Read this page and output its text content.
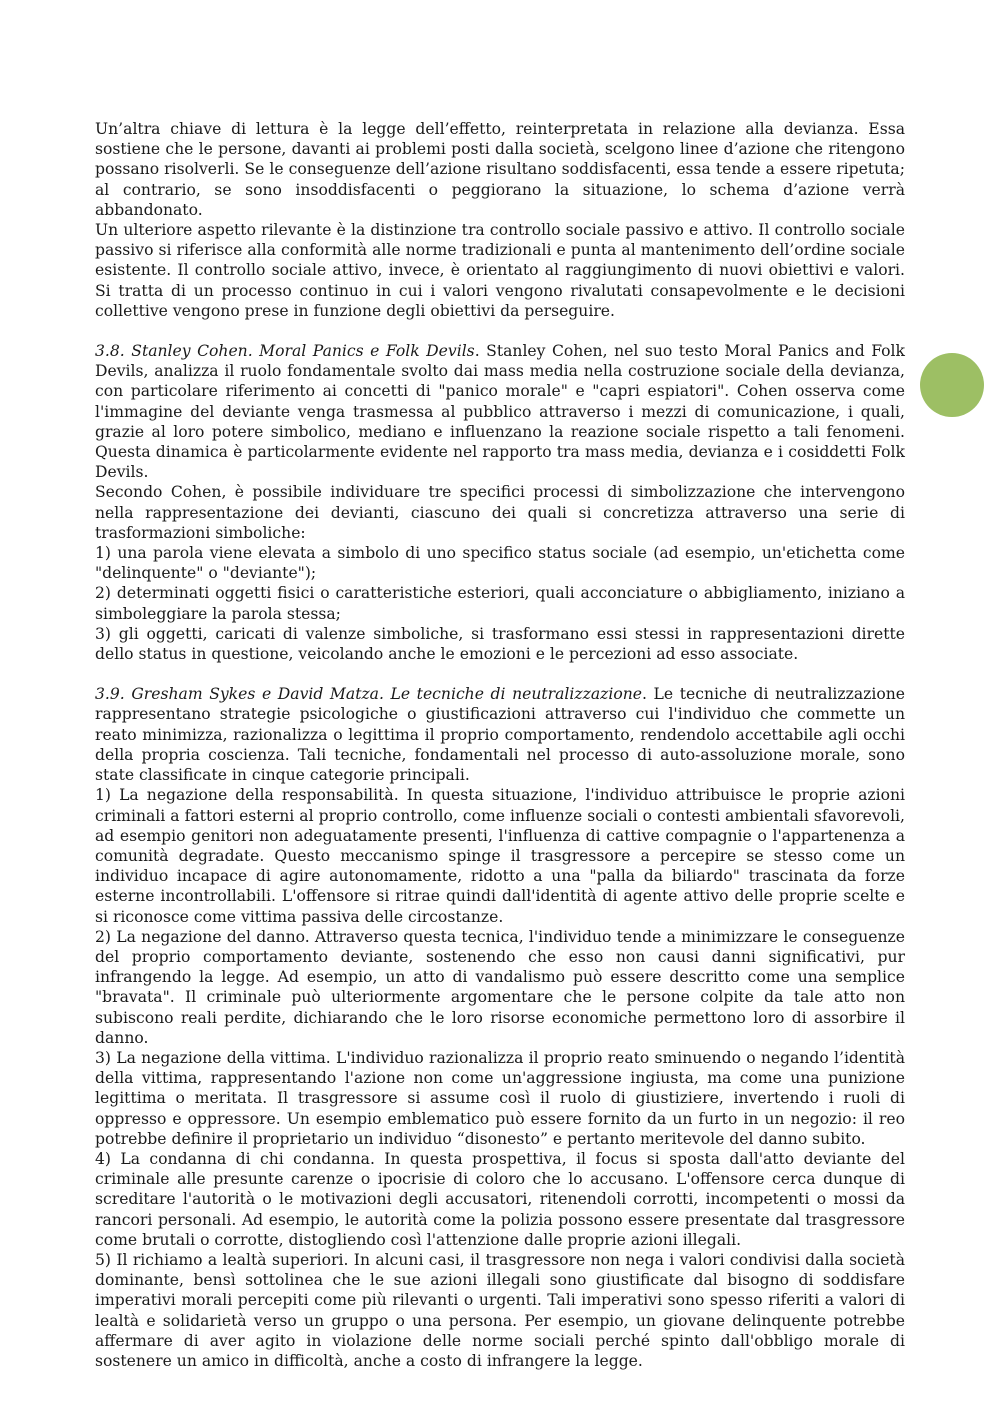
Un’altra chiave di lettura è la legge dell’effetto, reinterpretata in relazione alla devianza. Essa sostiene che le persone, davanti ai problemi posti dalla società, scelgono linee d’azione che ritengono possano risolverli. Se le conseguenze dell’azione risultano soddisfacenti, essa tende a essere ripetuta; al contrario, se sono insoddisfacenti o peggiorano la situazione, lo schema d’azione verrà abbandonato.

Un ulteriore aspetto rilevante è la distinzione tra controllo sociale passivo e attivo. Il controllo sociale passivo si riferisce alla conformità alle norme tradizionali e punta al mantenimento dell’ordine sociale esistente. Il controllo sociale attivo, invece, è orientato al raggiungimento di nuovi obiettivi e valori. Si tratta di un processo continuo in cui i valori vengono rivalutati consapevolmente e le decisioni collettive vengono prese in funzione degli obiettivi da perseguire.

3.8. Stanley Cohen. Moral Panics e Folk Devils. Stanley Cohen, nel suo testo Moral Panics and Folk Devils, analizza il ruolo fondamentale svolto dai mass media nella costruzione sociale della devianza, con particolare riferimento ai concetti di "panico morale" e "capri espiatori". Cohen osserva come l'immagine del deviante venga trasmessa al pubblico attraverso i mezzi di comunicazione, i quali, grazie al loro potere simbolico, mediano e influenzano la reazione sociale rispetto a tali fenomeni. Questa dinamica è particolarmente evidente nel rapporto tra mass media, devianza e i cosiddetti Folk Devils.

Secondo Cohen, è possibile individuare tre specifici processi di simbolizzazione che intervengono nella rappresentazione dei devianti, ciascuno dei quali si concretizza attraverso una serie di trasformazioni simboliche:

1) una parola viene elevata a simbolo di uno specifico status sociale (ad esempio, un'etichetta come "delinquente" o "deviante");

2) determinati oggetti fisici o caratteristiche esteriori, quali acconciature o abbigliamento, iniziano a simboleggiare la parola stessa;

3) gli oggetti, caricati di valenze simboliche, si trasformano essi stessi in rappresentazioni dirette dello status in questione, veicolando anche le emozioni e le percezioni ad esso associate.

3.9. Gresham Sykes e David Matza. Le tecniche di neutralizzazione. Le tecniche di neutralizzazione rappresentano strategie psicologiche o giustificazioni attraverso cui l'individuo che commette un reato minimizza, razionalizza o legittima il proprio comportamento, rendendolo accettabile agli occhi della propria coscienza. Tali tecniche, fondamentali nel processo di auto-assoluzione morale, sono state classificate in cinque categorie principali.

1) La negazione della responsabilità. In questa situazione, l'individuo attribuisce le proprie azioni criminali a fattori esterni al proprio controllo, come influenze sociali o contesti ambientali sfavorevoli, ad esempio genitori non adeguatamente presenti, l'influenza di cattive compagnie o l'appartenenza a comunità degradate. Questo meccanismo spinge il trasgressore a percepire se stesso come un individuo incapace di agire autonomamente, ridotto a una "palla da biliardo" trascinata da forze esterne incontrollabili. L'offensore si ritrae quindi dall'identità di agente attivo delle proprie scelte e si riconosce come vittima passiva delle circostanze.

2) La negazione del danno. Attraverso questa tecnica, l'individuo tende a minimizzare le conseguenze del proprio comportamento deviante, sostenendo che esso non causi danni significativi, pur infrangendo la legge. Ad esempio, un atto di vandalismo può essere descritto come una semplice "bravata". Il criminale può ulteriormente argomentare che le persone colpite da tale atto non subiscono reali perdite, dichiarando che le loro risorse economiche permettono loro di assorbire il danno.

3) La negazione della vittima. L'individuo razionalizza il proprio reato sminuendo o negando l’identità della vittima, rappresentando l'azione non come un'aggressione ingiusta, ma come una punizione legittima o meritata. Il trasgressore si assume così il ruolo di giustiziere, invertendo i ruoli di oppresso e oppressore. Un esempio emblematico può essere fornito da un furto in un negozio: il reo potrebbe definire il proprietario un individuo “disonesto” e pertanto meritevole del danno subito.

4) La condanna di chi condanna. In questa prospettiva, il focus si sposta dall'atto deviante del criminale alle presunte carenze o ipocrisie di coloro che lo accusano. L'offensore cerca dunque di screditare l'autorità o le motivazioni degli accusatori, ritenendoli corrotti, incompetenti o mossi da rancori personali. Ad esempio, le autorità come la polizia possono essere presentate dal trasgressore come brutali o corrotte, distogliendo così l'attenzione dalle proprie azioni illegali.

5) Il richiamo a lealtà superiori. In alcuni casi, il trasgressore non nega i valori condivisi dalla società dominante, bensì sottolinea che le sue azioni illegali sono giustificate dal bisogno di soddisfare imperativi morali percepiti come più rilevanti o urgenti. Tali imperativi sono spesso riferiti a valori di lealtà e solidarietà verso un gruppo o una persona. Per esempio, un giovane delinquente potrebbe affermare di aver agito in violazione delle norme sociali perché spinto dall'obbligo morale di sostenere un amico in difficoltà, anche a costo di infrangere la legge.
